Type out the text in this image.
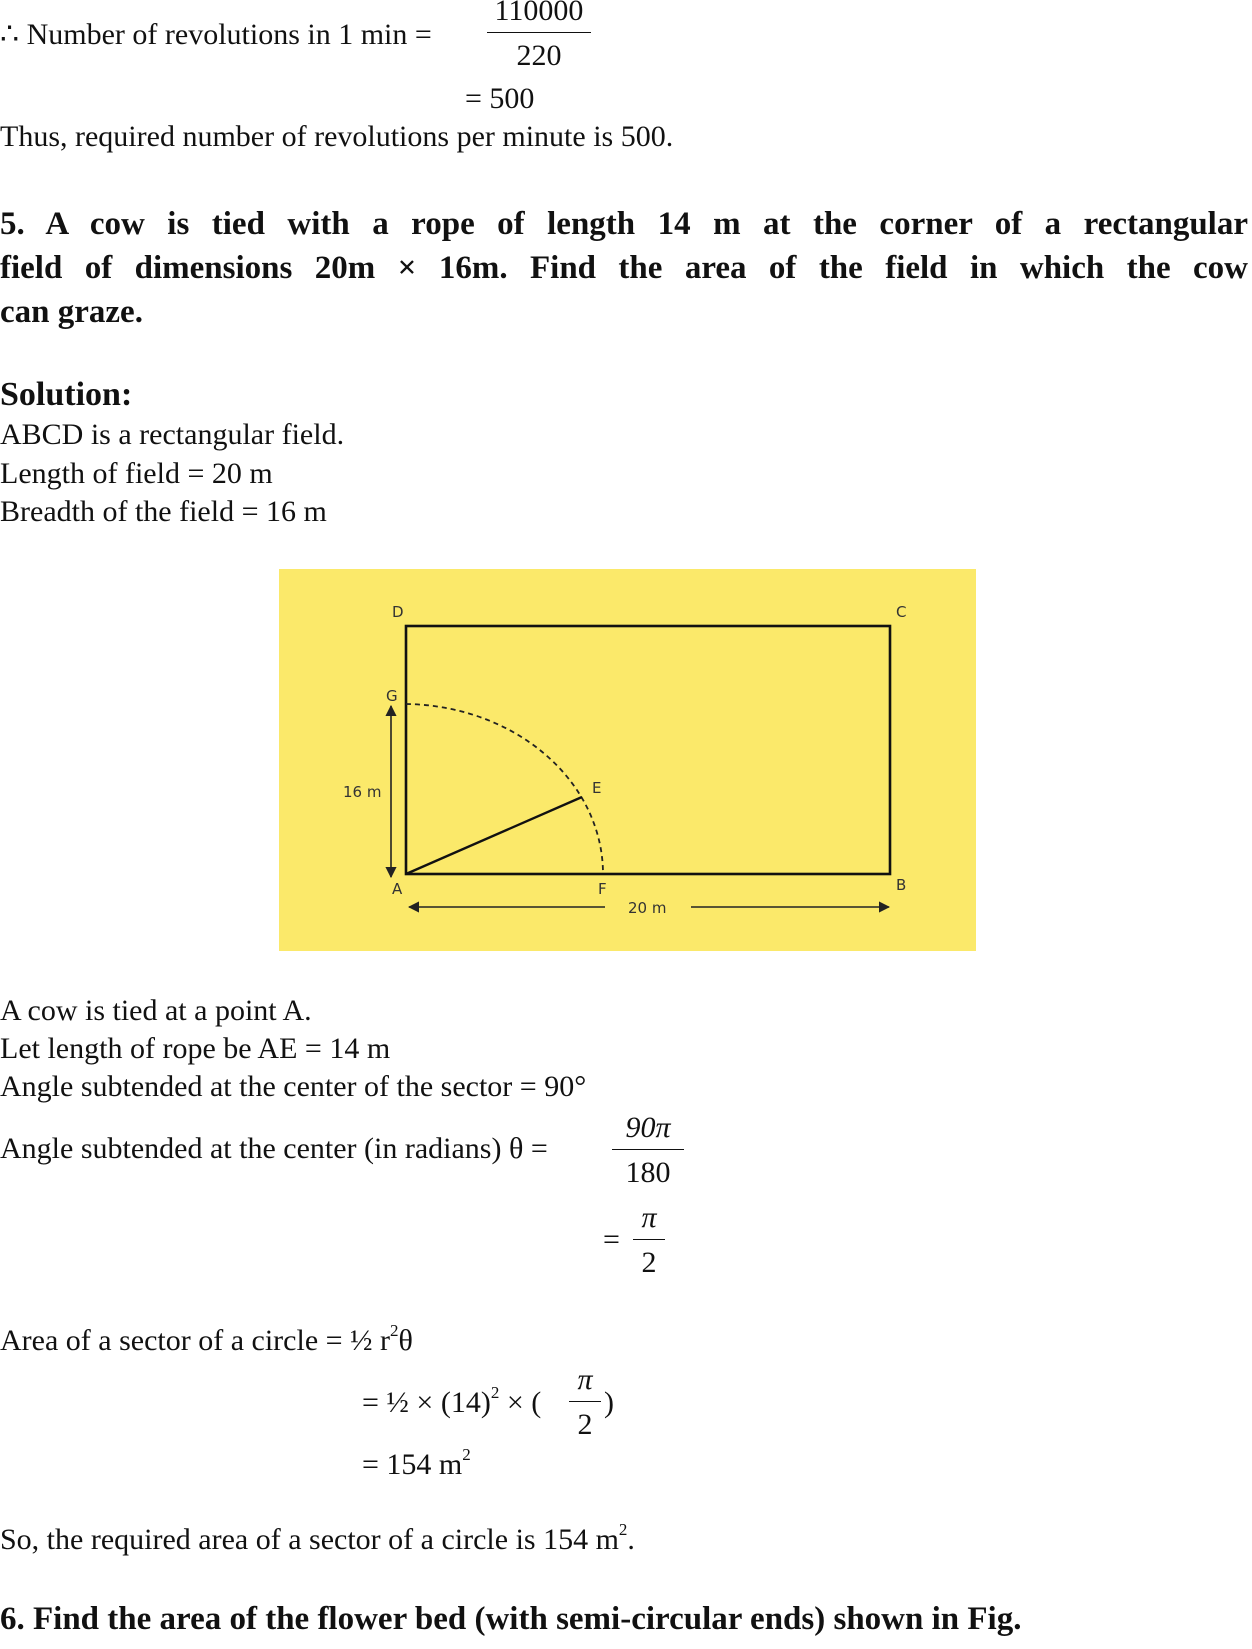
∴ Number of revolutions in 1 min =
110000
220
= 500
Thus, required number of revolutions per minute is 500.
5. A cow is tied with a rope of length 14 m at the corner of a rectangular
field of dimensions 20m × 16m. Find the area of the field in which the cow
can graze.
Solution:
ABCD is a rectangular field.
Length of field = 20 m
Breadth of the field = 16 m
D	C
G
E
A	F	B
16 m
20 m
A cow is tied at a point A.
Let length of rope be AE = 14 m
Angle subtended at the center of the sector = 90°
Angle subtended at the center (in radians) θ =
90π
180
=
π
2
Area of a sector of a circle = ½ $r^2\theta$
= ½ × $(14)^2$ × (
π
2
)
= 154 $m^2$
So, the required area of a sector of a circle is 154 $m^2$.
6. Find the area of the flower bed (with semi-circular ends) shown in Fig.
